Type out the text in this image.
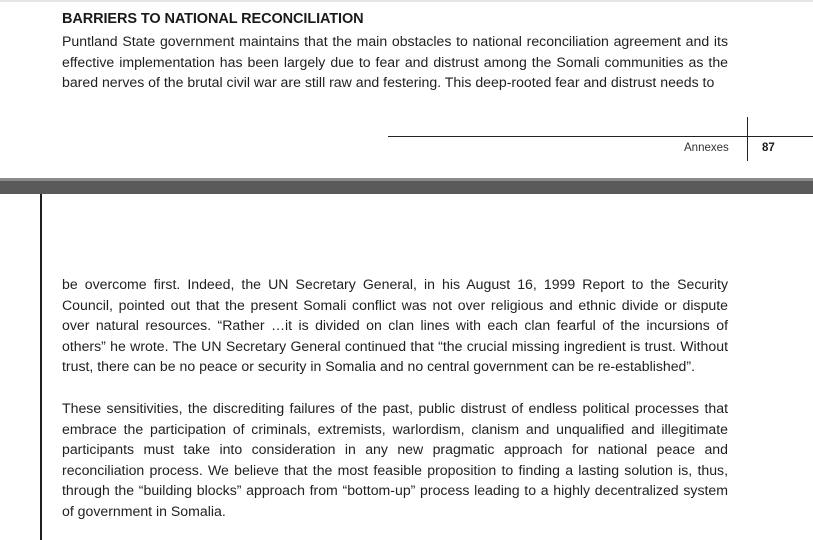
BARRIERS TO NATIONAL RECONCILIATION

Puntland State government maintains that the main obstacles to national reconciliation agreement and its effective implementation has been largely due to fear and distrust among the Somali communities as the bared nerves of the brutal civil war are still raw and festering. This deep-rooted fear and distrust needs to

Annexes	87

be overcome first. Indeed, the UN Secretary General, in his August 16, 1999 Report to the Security Council, pointed out that the present Somali conflict was not over religious and ethnic divide or dispute over natural resources. “Rather …it is divided on clan lines with each clan fearful of the incursions of others” he wrote. The UN Secretary General continued that “the crucial missing ingredient is trust. Without trust, there can be no peace or security in Somalia and no central government can be re-established”.

These sensitivities, the discrediting failures of the past, public distrust of endless political processes that embrace the participation of criminals, extremists, warlordism, clanism and unqualified and illegitimate participants must take into consideration in any new pragmatic approach for national peace and reconciliation process. We believe that the most feasible proposition to finding a lasting solution is, thus, through the “building blocks” approach from “bottom-up” process leading to a highly decentralized system of government in Somalia.
